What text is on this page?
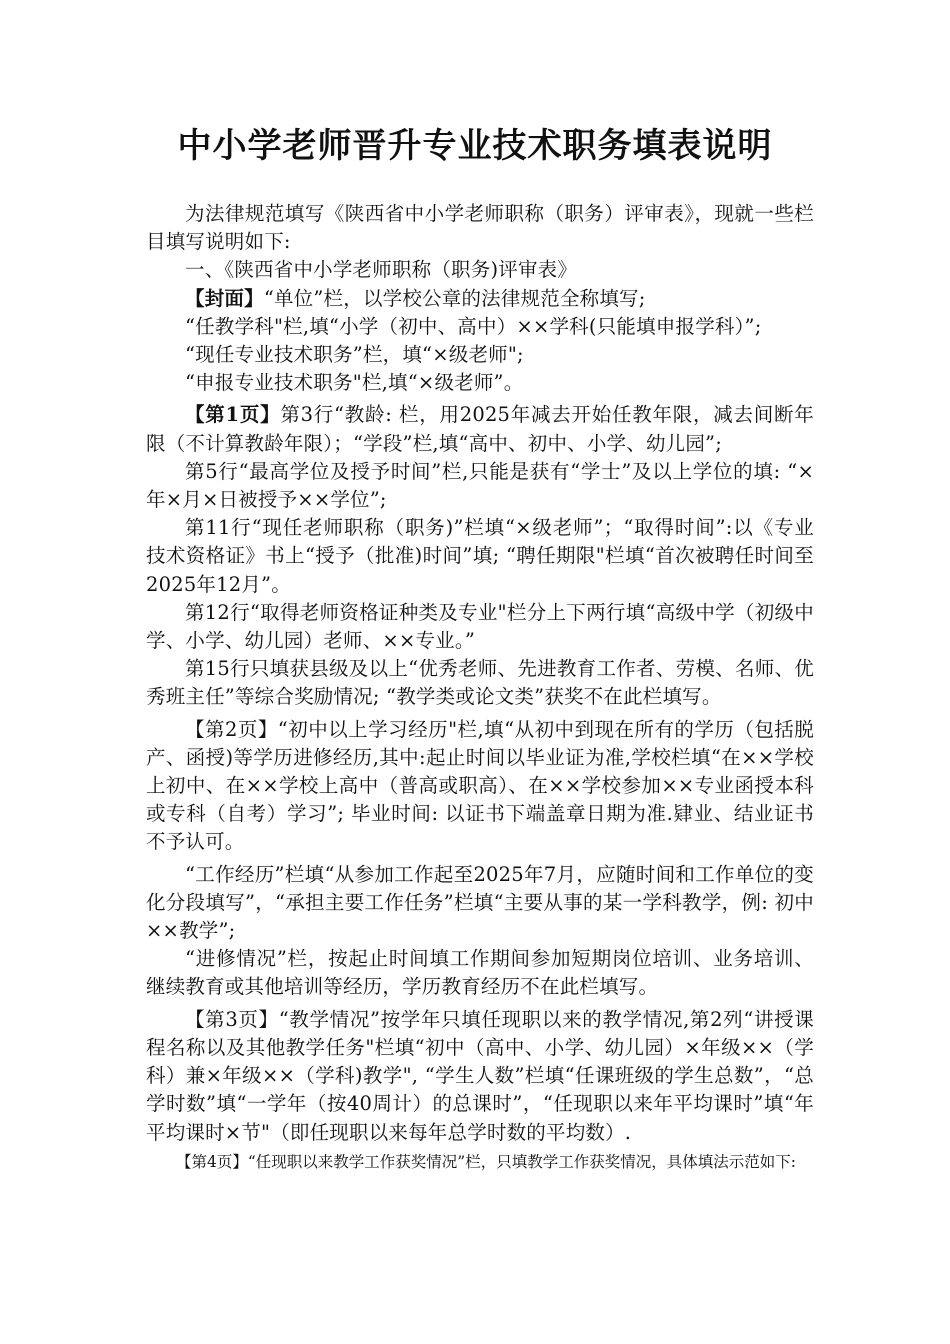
中小学老师晋升专业技术职务填表说明

为法律规范填写《陕西省中小学老师职称（职务）评审表》，现就一些栏目填写说明如下:

一、《陕西省中小学老师职称（职务)评审表》

【封面】“单位”栏，以学校公章的法律规范全称填写;

“任教学科"栏,填“小学（初中、高中）××学科(只能填申报学科）”;

“现任专业技术职务”栏，填“×级老师";

“申报专业技术职务"栏,填“×级老师”。

【第1页】第3行“教龄: 栏，用2025年减去开始任教年限，减去间断年限（不计算教龄年限）；“学段”栏,填“高中、初中、小学、幼儿园”;

第5行“最高学位及授予时间”栏,只能是获有“学士”及以上学位的填: “×年×月×日被授予××学位”;

第11行“现任老师职称（职务)”栏填“×级老师”；“取得时间”:以《专业技术资格证》书上“授予（批准)时间”填; “聘任期限"栏填“首次被聘任时间至2025年12月”。

第12行“取得老师资格证种类及专业"栏分上下两行填“高级中学（初级中学、小学、幼儿园）老师、××专业。”

第15行只填获县级及以上“优秀老师、先进教育工作者、劳模、名师、优秀班主任”等综合奖励情况; “教学类或论文类”获奖不在此栏填写。

【第2页】“初中以上学习经历"栏,填“从初中到现在所有的学历（包括脱产、函授)等学历进修经历,其中:起止时间以毕业证为准,学校栏填“在××学校上初中、在××学校上高中（普高或职高）、在××学校参加××专业函授本科或专科（自考）学习”; 毕业时间: 以证书下端盖章日期为准.肄业、结业证书不予认可。

“工作经历”栏填“从参加工作起至2025年7月，应随时间和工作单位的变化分段填写”，“承担主要工作任务”栏填“主要从事的某一学科教学，例: 初中××教学”;

“进修情况”栏，按起止时间填工作期间参加短期岗位培训、业务培训、继续教育或其他培训等经历，学历教育经历不在此栏填写。

【第3页】“教学情况”按学年只填任现职以来的教学情况,第2列“讲授课程名称以及其他教学任务"栏填“初中（高中、小学、幼儿园）×年级××（学科）兼×年级××（学科)教学", “学生人数”栏填“任课班级的学生总数”，“总学时数”填“一学年（按40周计）的总课时”，“任现职以来年平均课时”填“年平均课时×节"（即任现职以来每年总学时数的平均数）.

【第4页】“任现职以来教学工作获奖情况”栏，只填教学工作获奖情况，具体填法示范如下:
